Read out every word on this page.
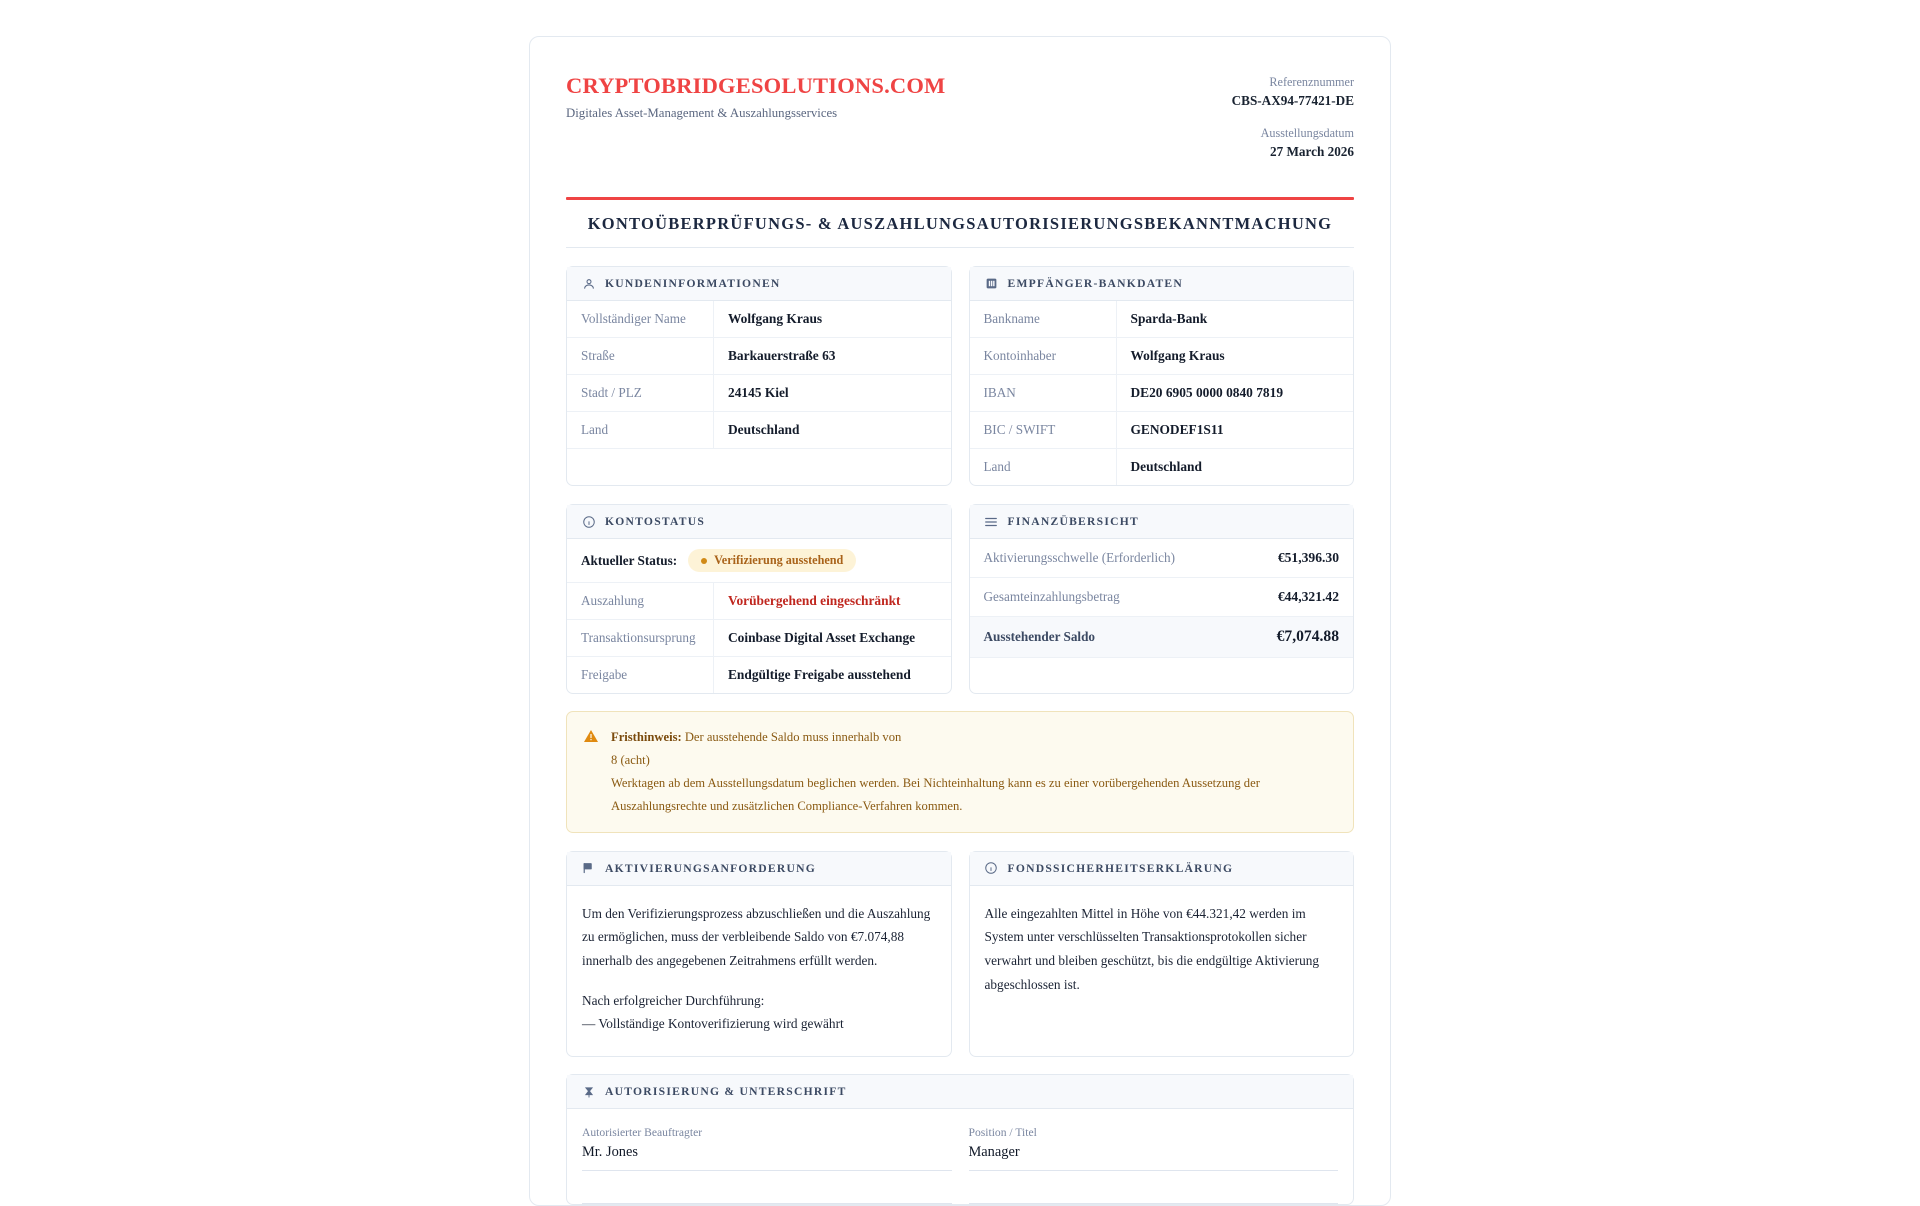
CRYPTOBRIDGESOLUTIONS.COM
Digitales Asset-Management & Auszahlungsservices
Referenznummer
CBS-AX94-77421-DE
Ausstellungsdatum
27 March 2026
KONTOÜBERPRÜFUNGS- & AUSZAHLUNGSAUTORISIERUNGSBEKANNTMACHUNG
KUNDENINFORMATIONEN
Vollständiger Name	Wolfgang Kraus
Straße	Barkauerstraße 63
Stadt / PLZ	24145 Kiel
Land	Deutschland
EMPFÄNGER-BANKDATEN
Bankname	Sparda-Bank
Kontoinhaber	Wolfgang Kraus
IBAN	DE20 6905 0000 0840 7819
BIC / SWIFT	GENODEF1S11
Land	Deutschland
KONTOSTATUS
Aktueller Status:	Verifizierung ausstehend
Auszahlung	Vorübergehend eingeschränkt
Transaktionsursprung	Coinbase Digital Asset Exchange
Freigabe	Endgültige Freigabe ausstehend
FINANZÜBERSICHT
Aktivierungsschwelle (Erforderlich)	€51,396.30
Gesamteinzahlungsbetrag	€44,321.42
Ausstehender Saldo	€7,074.88
Fristhinweis: Der ausstehende Saldo muss innerhalb von
8 (acht)
Werktagen ab dem Ausstellungsdatum beglichen werden. Bei Nichteinhaltung kann es zu einer vorübergehenden Aussetzung der Auszahlungsrechte und zusätzlichen Compliance-Verfahren kommen.
AKTIVIERUNGSANFORDERUNG

Um den Verifizierungsprozess abzuschließen und die Auszahlung zu ermöglichen, muss der verbleibende Saldo von €7.074,88 innerhalb des angegebenen Zeitrahmens erfüllt werden.

Nach erfolgreicher Durchführung:
— Vollständige Kontoverifizierung wird gewährt

FONDSSICHERHEITSERKLÄRUNG

Alle eingezahlten Mittel in Höhe von €44.321,42 werden im System unter verschlüsselten Transaktionsprotokollen sicher verwahrt und bleiben geschützt, bis die endgültige Aktivierung abgeschlossen ist.

AUTORISIERUNG & UNTERSCHRIFT
Autorisierter Beauftragter
Mr. Jones
Position / Titel
Manager
